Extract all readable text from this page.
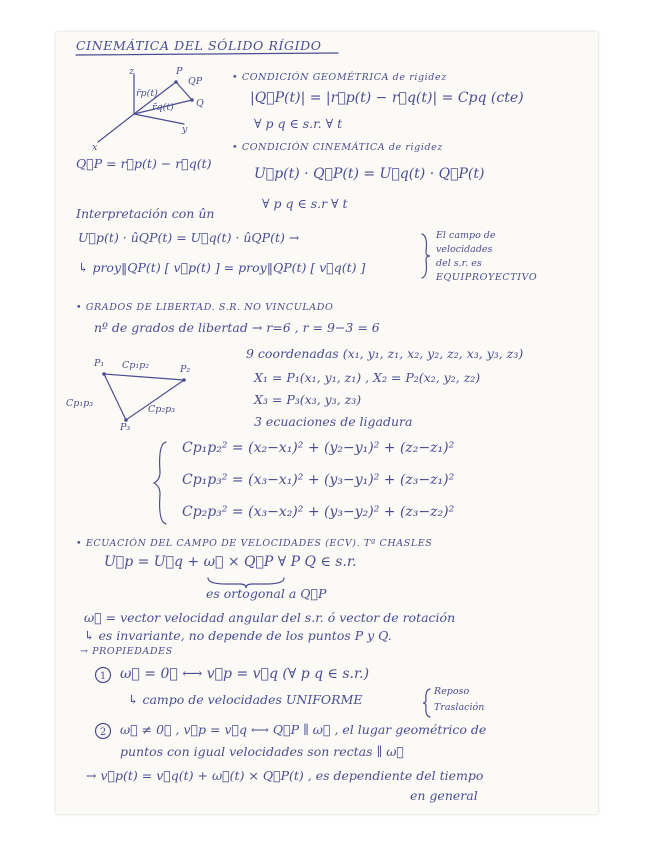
CINEMÁTICA DEL SÓLIDO RÍGIDO
z
x
y
P
Q
QP
r̄p(t)
r̄q(t)
Q⃗P = r⃗p(t) − r⃗q(t)
• CONDICIÓN GEOMÉTRICA de rigidez
|Q⃗P(t)| = |r⃗p(t) − r⃗q(t)| = Cpq (cte)
∀ p q ∈ s.r. ∀ t
• CONDICIÓN CINEMÁTICA de rigidez
U⃗p(t) · Q⃗P(t) = U⃗q(t) · Q⃗P(t)
∀ p q ∈ s.r ∀ t
Interpretación con ûn
U⃗p(t) · ûQP(t) = U⃗q(t) · ûQP(t) →
↳ proy‖QP(t) [ v⃗p(t) ] = proy‖QP(t) [ v⃗q(t) ]
El campo de
velocidades
del s.r. es
EQUIPROYECTIVO
• GRADOS DE LIBERTAD. S.R. NO VINCULADO
nº de grados de libertad → r=6 , r = 9−3 = 6
9 coordenadas (x₁, y₁, z₁, x₂, y₂, z₂, x₃, y₃, z₃)
X₁ = P₁(x₁, y₁, z₁) , X₂ = P₂(x₂, y₂, z₂)
X₃ = P₃(x₃, y₃, z₃)
3 ecuaciones de ligadura
P₁
P₂
P₃
Cp₁p₂
Cp₁p₃
Cp₂p₃
Cp₁p₂² = (x₂−x₁)² + (y₂−y₁)² + (z₂−z₁)²
Cp₁p₃² = (x₃−x₁)² + (y₃−y₁)² + (z₃−z₁)²
Cp₂p₃² = (x₃−x₂)² + (y₃−y₂)² + (z₃−z₂)²
• ECUACIÓN DEL CAMPO DE VELOCIDADES (ECV). Tª CHASLES
U⃗p = U⃗q + ω⃗ × Q⃗P ∀ P Q ∈ s.r.
es ortogonal a Q⃗P
ω⃗ = vector velocidad angular del s.r. ó vector de rotación
↳ es invariante, no depende de los puntos P y Q.
→ PROPIEDADES
1 ω⃗ = 0⃗ ⟷ v⃗p = v⃗q (∀ p q ∈ s.r.)
↳ campo de velocidades UNIFORME
Reposo
Traslación
2 ω⃗ ≠ 0⃗ , v⃗p = v⃗q ⟷ Q⃗P ∥ ω⃗ , el lugar geométrico de
puntos con igual velocidades son rectas ∥ ω⃗
→ v⃗p(t) = v⃗q(t) + ω⃗(t) × Q⃗P(t) , es dependiente del tiempo
en general
